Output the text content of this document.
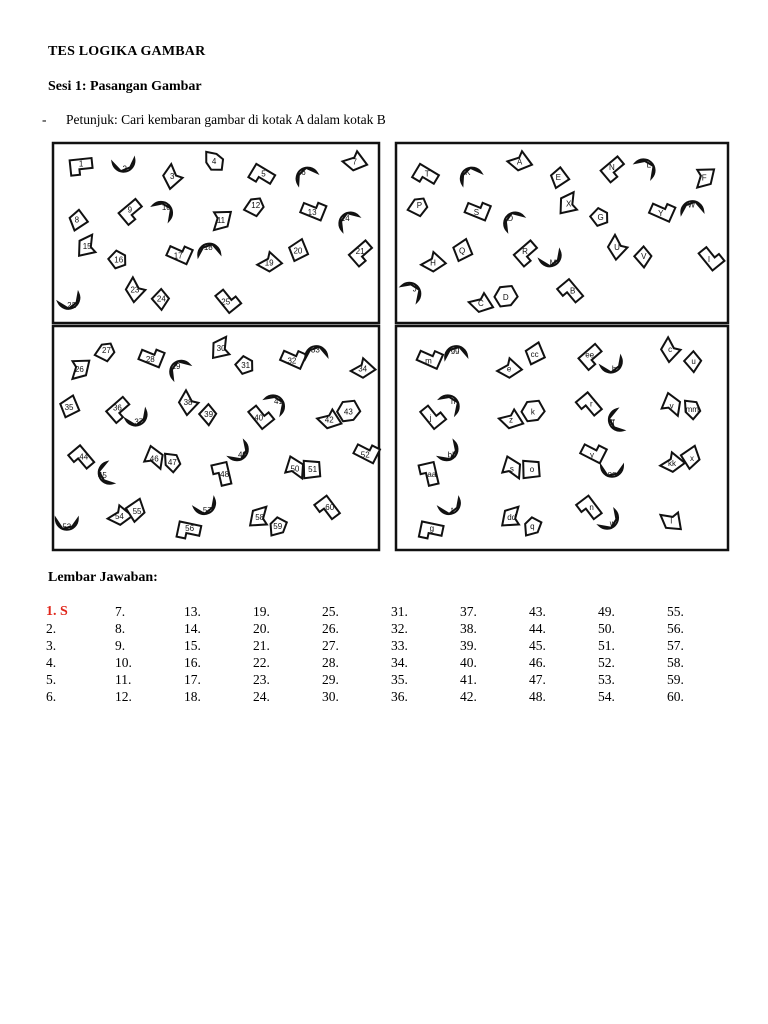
TES LOGIKA GAMBAR
Sesi 1: Pasangan Gambar
-	Petunjuk: Cari kembaran gambar di kotak A dalam kotak B
1
2
3
4
5	6
7
8
9	10
11
12
13
14
15
16	17
18
19
20	21
22
23
24	25
T	K
A
E
N	L
F
P
S
O
X
G	Y
W
H
Q	R
M
U
V	I
J
C
D
B
26
27
28
29
30
31
32
33
34
35	36
37
38
39	40
41
42
43
44
45
46 47
48
49
50 51
52
53
54
55
56
57
58
59
60
m
gg
e
cc	ee
b
c
u
j
h
z
k
r
ff
v mm
aa
bb
s o
y
oo
kk
x
g
t
dd
q
n
w	l
Lembar Jawaban:
1. S	7.	13.	19.	25.	31.	37.	43.	49.	55.
2.	8.	14.	20.	26.	32.	38.	44.	50.	56.
3.	9.	15.	21.	27.	33.	39.	45.	51.	57.
4.	10.	16.	22.	28.	34.	40.	46.	52.	58.
5.	11.	17.	23.	29.	35.	41.	47.	53.	59.
6.	12.	18.	24.	30.	36.	42.	48.	54.	60.
